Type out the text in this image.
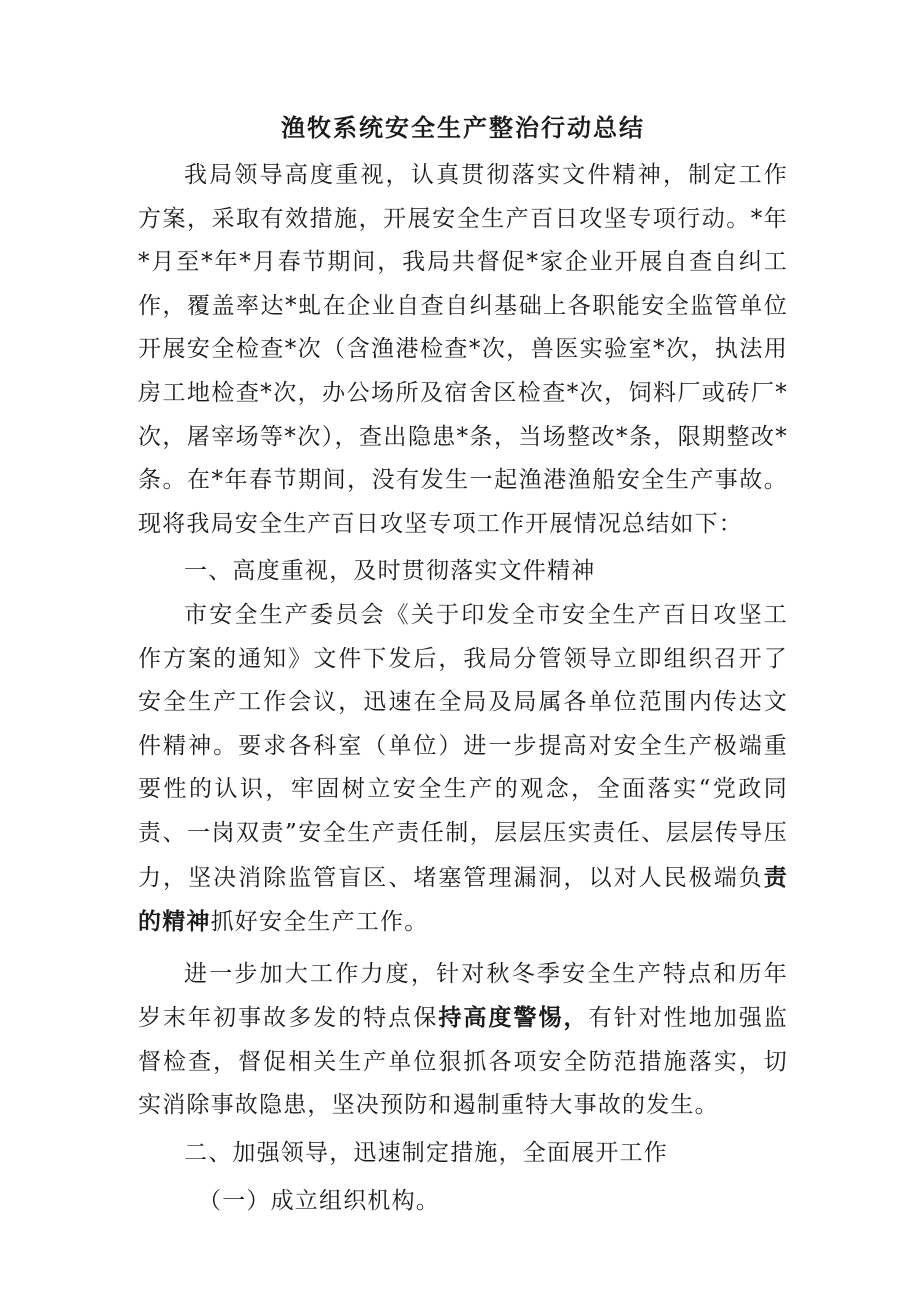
渔牧系统安全生产整治行动总结

我局领导高度重视，认真贯彻落实文件精神，制定工作方案，采取有效措施，开展安全生产百日攻坚专项行动。*年*月至*年*月春节期间，我局共督促*家企业开展自查自纠工作，覆盖率达*虬在企业自查自纠基础上各职能安全监管单位开展安全检查*次（含渔港检查*次，兽医实验室*次，执法用房工地检查*次，办公场所及宿舍区检查*次，饲料厂或砖厂*次，屠宰场等*次），查出隐患*条，当场整改*条，限期整改*条。在*年春节期间，没有发生一起渔港渔船安全生产事故。现将我局安全生产百日攻坚专项工作开展情况总结如下：

一、高度重视，及时贯彻落实文件精神

市安全生产委员会《关于印发全市安全生产百日攻坚工作方案的通知》文件下发后，我局分管领导立即组织召开了安全生产工作会议，迅速在全局及局属各单位范围内传达文件精神。要求各科室（单位）进一步提高对安全生产极端重要性的认识，牢固树立安全生产的观念，全面落实“党政同责、一岗双责”安全生产责任制，层层压实责任、层层传导压力，坚决消除监管盲区、堵塞管理漏洞，以对人民极端负责的精神抓好安全生产工作。

进一步加大工作力度，针对秋冬季安全生产特点和历年岁末年初事故多发的特点保持高度警惕，有针对性地加强监督检查，督促相关生产单位狠抓各项安全防范措施落实，切实消除事故隐患，坚决预防和遏制重特大事故的发生。

二、加强领导，迅速制定措施，全面展开工作

（一）成立组织机构。
